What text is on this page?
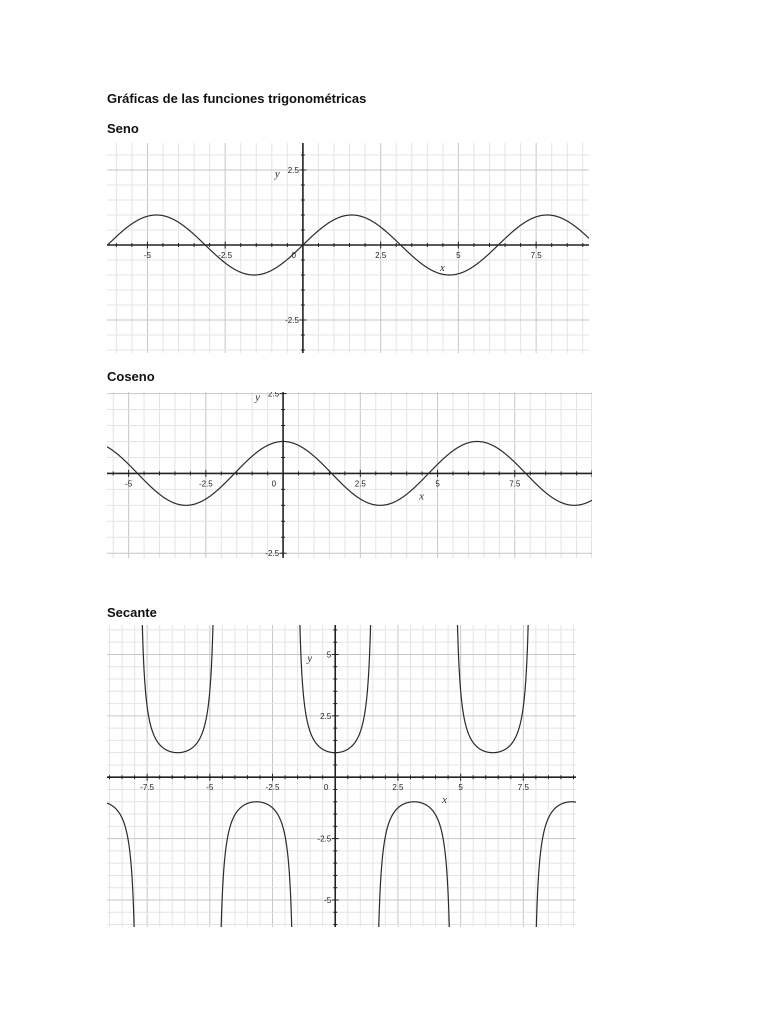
Gráficas de las funciones trigonométricas
Seno
-5	-2.5	0	2.5	5	7.5
2.5
-2.5
y
x
Coseno
-5	-2.5	0	2.5	5	7.5
2.5
-2.5
y
x
Secante
-7.5	-5	-2.5	0	2.5	5	7.5
5
2.5
-2.5
-5
y
x
